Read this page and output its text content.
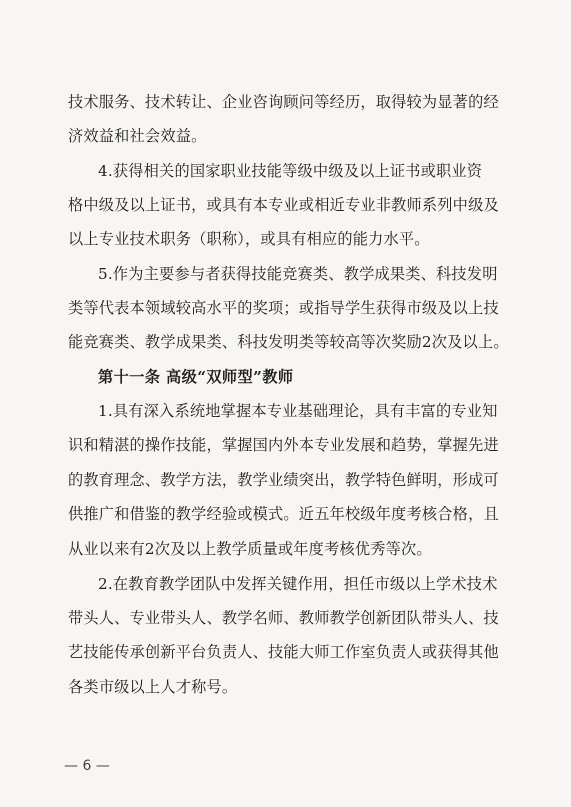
技术服务、技术转让、企业咨询顾问等经历，取得较为显著的经
济效益和社会效益。
4.获得相关的国家职业技能等级中级及以上证书或职业资
格中级及以上证书，或具有本专业或相近专业非教师系列中级及
以上专业技术职务（职称），或具有相应的能力水平。
5.作为主要参与者获得技能竞赛类、教学成果类、科技发明
类等代表本领域较高水平的奖项；或指导学生获得市级及以上技
能竞赛类、教学成果类、科技发明类等较高等次奖励2次及以上。
第十一条 高级“双师型”教师
1.具有深入系统地掌握本专业基础理论，具有丰富的专业知
识和精湛的操作技能，掌握国内外本专业发展和趋势，掌握先进
的教育理念、教学方法，教学业绩突出，教学特色鲜明，形成可
供推广和借鉴的教学经验或模式。近五年校级年度考核合格，且
从业以来有2次及以上教学质量或年度考核优秀等次。
2.在教育教学团队中发挥关键作用，担任市级以上学术技术
带头人、专业带头人、教学名师、教师教学创新团队带头人、技
艺技能传承创新平台负责人、技能大师工作室负责人或获得其他
各类市级以上人才称号。
— 6 —
